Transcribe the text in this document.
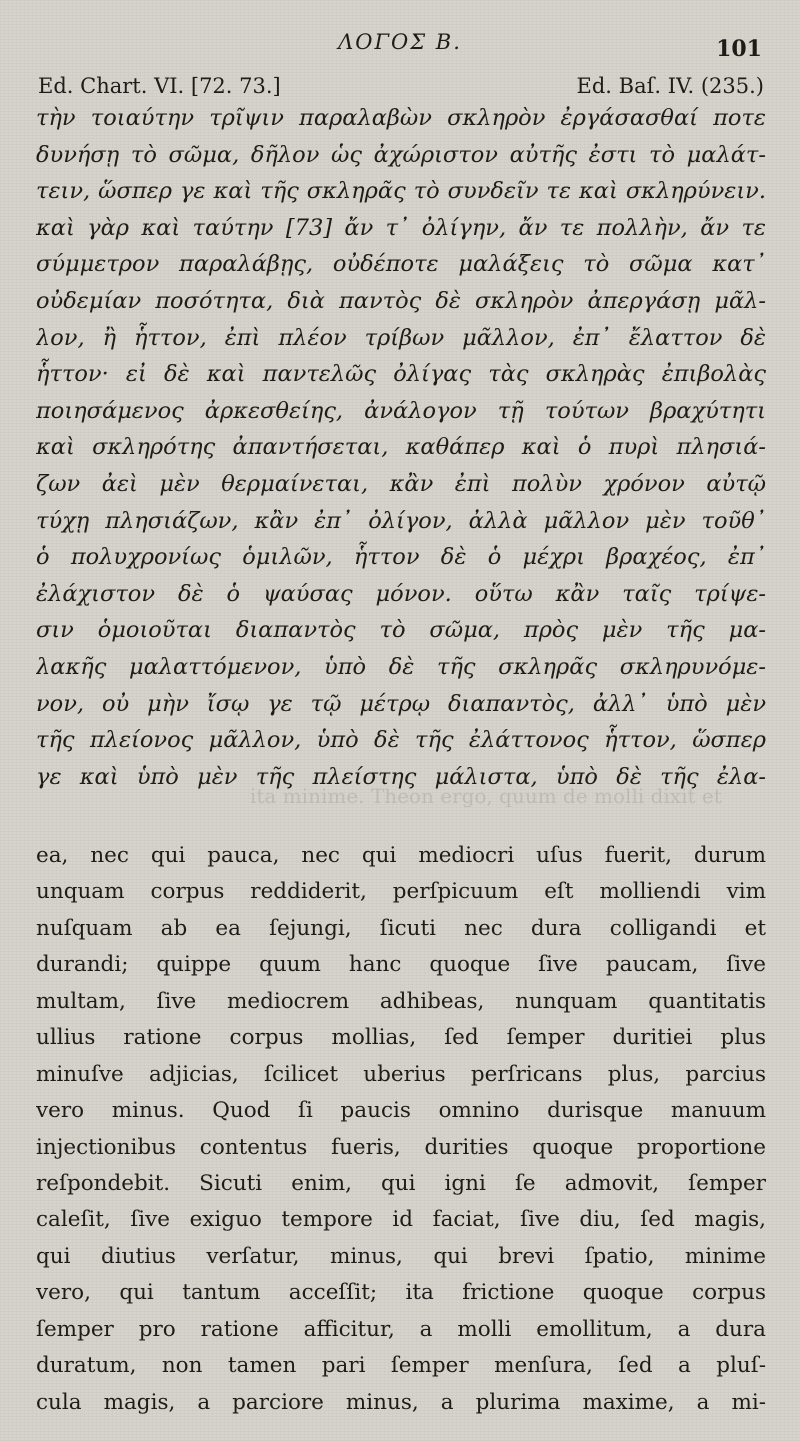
ΛΟΓΟΣ Β.	101
Ed. Chart. VI. [72. 73.]	Ed. Baſ. IV. (235.)
τὴν τοιαύτην τρῖψιν παραλαβὼν σκληρὸν ἐργάσασθαί ποτε
δυνήσῃ τὸ σῶμα, δῆλον ὡς ἀχώριστον αὐτῆς ἐστι τὸ μαλάτ-
τειν, ὥσπερ γε καὶ τῆς σκληρᾶς τὸ συνδεῖν τε καὶ σκληρύνειν.
καὶ γὰρ καὶ ταύτην [73] ἄν τ᾽ ὀλίγην, ἄν τε πολλὴν, ἄν τε
σύμμετρον παραλάβῃς, οὐδέποτε μαλάξεις τὸ σῶμα κατ᾽
οὐδεμίαν ποσότητα, διὰ παντὸς δὲ σκληρὸν ἀπεργάσῃ μᾶλ-
λον, ἢ ἧττον, ἐπὶ πλέον τρίβων μᾶλλον, ἐπ᾽ ἔλαττον δὲ
ἧττον· εἰ δὲ καὶ παντελῶς ὀλίγας τὰς σκληρὰς ἐπιβολὰς
ποιησάμενος ἀρκεσθείης, ἀνάλογον τῇ τούτων βραχύτητι
καὶ σκληρότης ἀπαντήσεται, καθάπερ καὶ ὁ πυρὶ πλησιά-
ζων ἀεὶ μὲν θερμαίνεται, κἂν ἐπὶ πολὺν χρόνον αὐτῷ
τύχῃ πλησιάζων, κἂν ἐπ᾽ ὀλίγον, ἀλλὰ μᾶλλον μὲν τοῦθ᾽
ὁ πολυχρονίως ὁμιλῶν, ἧττον δὲ ὁ μέχρι βραχέος, ἐπ᾽
ἐλάχιστον δὲ ὁ ψαύσας μόνον. οὕτω κἂν ταῖς τρίψε-
σιν ὁμοιοῦται διαπαντὸς τὸ σῶμα, πρὸς μὲν τῆς μα-
λακῆς μαλαττόμενον, ὑπὸ δὲ τῆς σκληρᾶς σκληρυνόμε-
νον, οὐ μὴν ἴσῳ γε τῷ μέτρῳ διαπαντὸς, ἀλλ᾽ ὑπὸ μὲν
τῆς πλείονος μᾶλλον, ὑπὸ δὲ τῆς ἐλάττονος ἧττον, ὥσπερ
γε καὶ ὑπὸ μὲν τῆς πλείστης μάλιστα, ὑπὸ δὲ τῆς ἐλα-
ita minime. Theon ergo, quum de molli dixit et
ea, nec qui pauca, nec qui mediocri uſus fuerit, durum
unquam corpus reddiderit, perſpicuum eſt molliendi vim
nuſquam ab ea ſejungi, ſicuti nec dura colligandi et
durandi; quippe quum hanc quoque ſive paucam, ſive
multam, ſive mediocrem adhibeas, nunquam quantitatis
ullius ratione corpus mollias, ſed ſemper duritiei plus
minuſve adjicias, ſcilicet uberius perſricans plus, parcius
vero minus. Quod ſi paucis omnino durisque manuum
injectionibus contentus fueris, durities quoque proportione
reſpondebit. Sicuti enim, qui igni ſe admovit, ſemper
caleſit, ſive exiguo tempore id faciat, ſive diu, ſed magis,
qui diutius verſatur, minus, qui brevi ſpatio, minime
vero, qui tantum acceſſit; ita frictione quoque corpus
ſemper pro ratione afficitur, a molli emollitum, a dura
duratum, non tamen pari ſemper menſura, ſed a pluſ-
cula magis, a parciore minus, a plurima maxime, a mi-
